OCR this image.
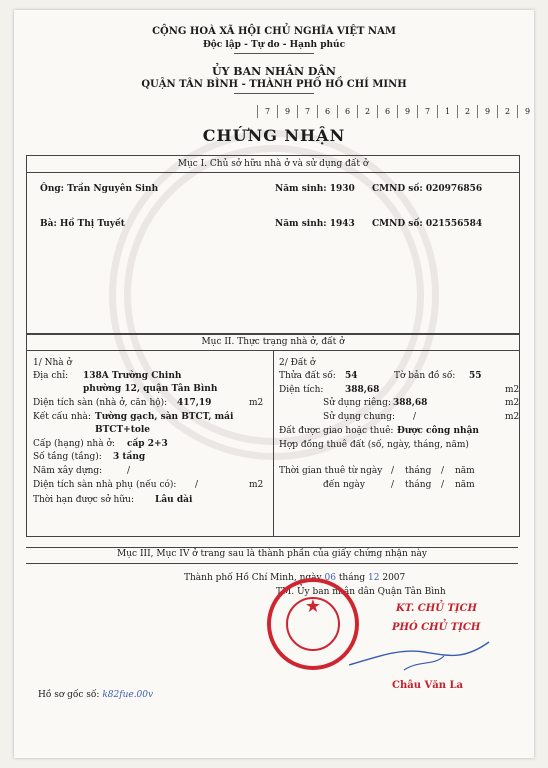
CỘNG HOÀ XÃ HỘI CHỦ NGHĨA VIỆT NAM
Độc lập - Tự do - Hạnh phúc
ỦY BAN NHÂN DÂN
QUẬN TÂN BÌNH - THÀNH PHỐ HỒ CHÍ MINH
7	9	7	6	6	2	6	9	7	1	2	9	2	9
CHỨNG NHẬN
Mục I. Chủ sở hữu nhà ở và sử dụng đất ở
Ông: Trần Nguyên Sinh	Năm sinh: 1930 CMND số: 020976856
Bà: Hồ Thị Tuyết	Năm sinh: 1943 CMND số: 021556584
Mục II. Thực trạng nhà ở, đất ở
1/ Nhà ở
Địa chỉ: 138A Trường Chinh
phường 12, quận Tân Bình
Diện tích sàn (nhà ở, căn hộ): 417,19	m2
Kết cấu nhà: Tường gạch, sàn BTCT, mái
BTCT+tole
Cấp (hạng) nhà ở: cấp 2+3
Số tầng (tầng): 3 tầng
Năm xây dựng:	/
Diện tích sàn nhà phụ (nếu có): /	m2
Thời hạn được sở hữu: Lâu dài
2/ Đất ở
Thửa đất số: 54	Tờ bản đồ số: 55
Diện tích: 388,68	m2
Sử dụng riêng: 388,68	m2
Sử dụng chung: /	m2
Đất được giao hoặc thuê: Được công nhận
Hợp đồng thuê đất (số, ngày, tháng, năm)
Thời gian thuê từ ngày / tháng / năm
đến ngày	/ tháng / năm
Mục III, Mục IV ở trang sau là thành phần của giấy chứng nhận này
Thành phố Hồ Chí Minh, ngày 06 tháng 12 2007
TM. Ủy ban nhân dân Quận Tân Bình
KT. CHỦ TỊCH
PHÓ CHỦ TỊCH
★
Châu Văn La
Hồ sơ gốc số: k82fue.00v
